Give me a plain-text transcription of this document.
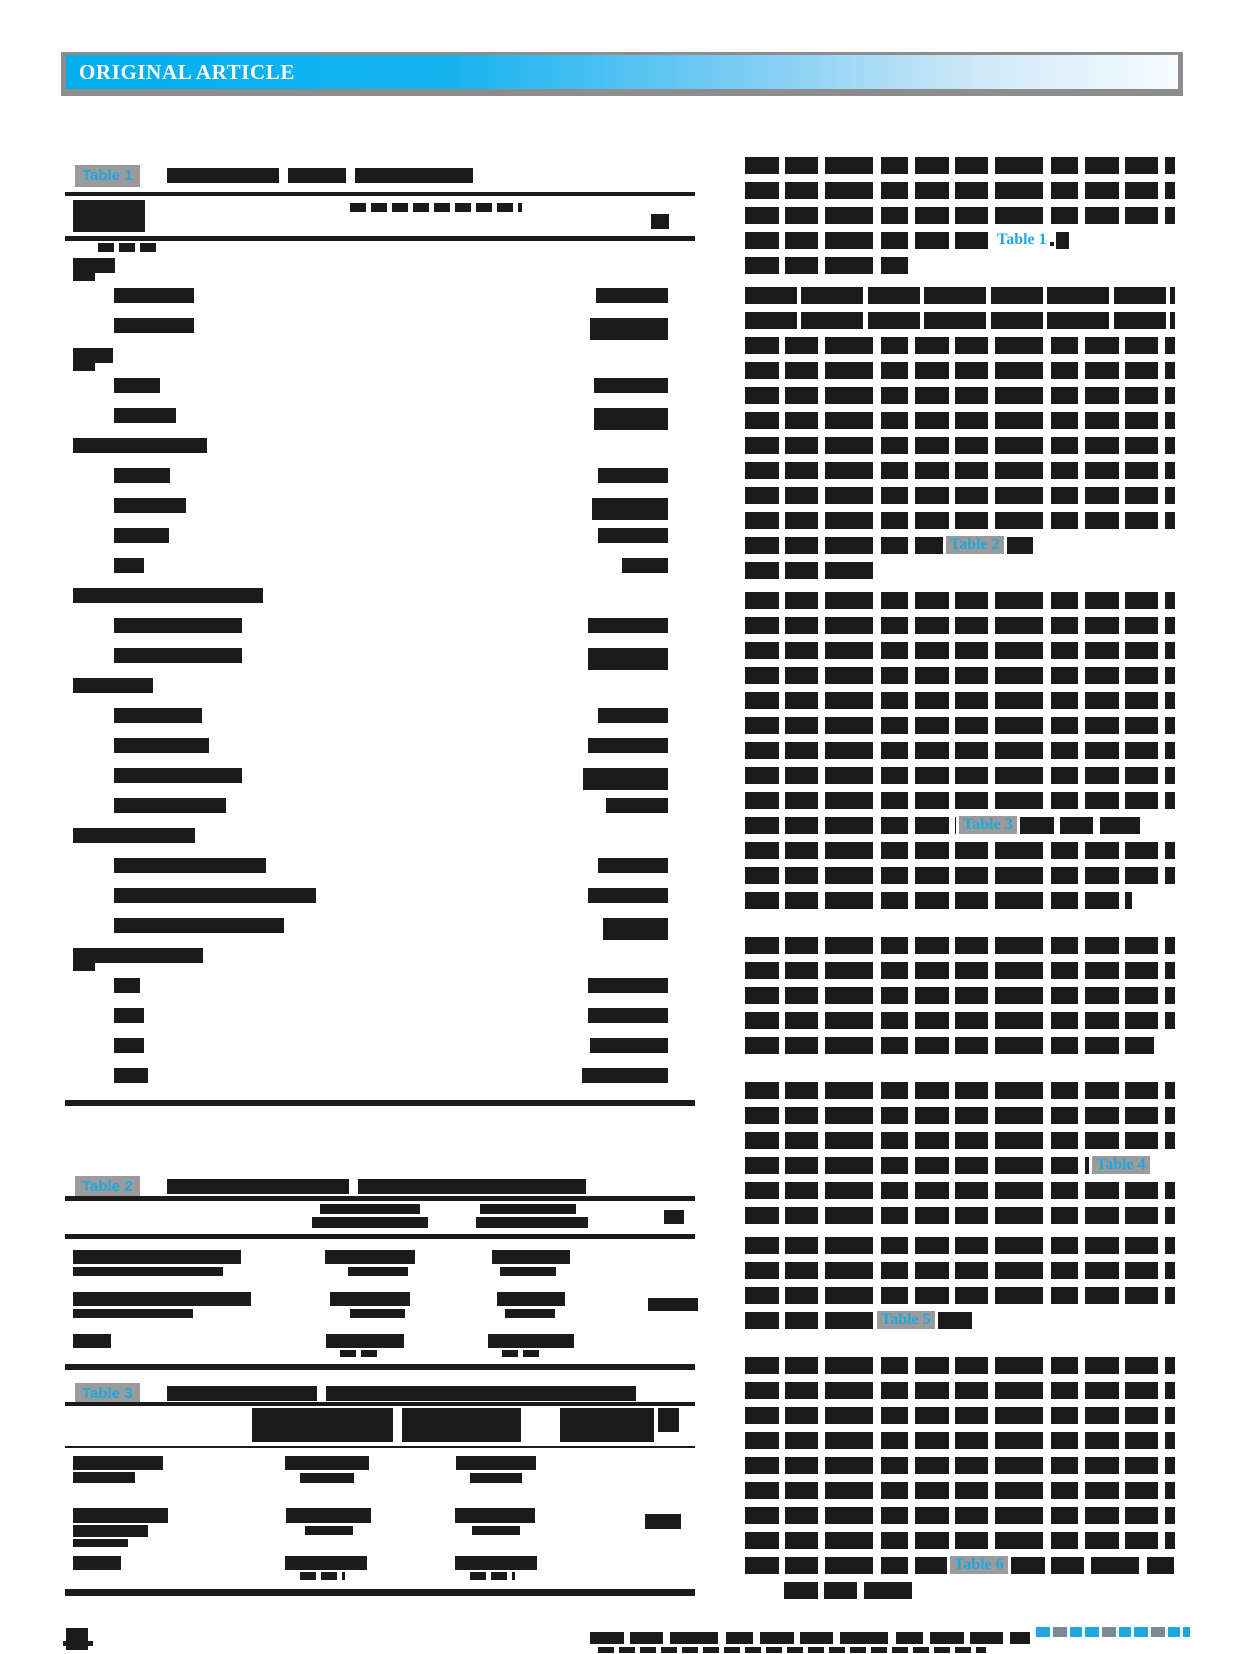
ORIGINAL ARTICLE
Table 1
Table 2
Table 3
Table 1
Table 2
Table 3
Table 4
Table 5
Table 6
